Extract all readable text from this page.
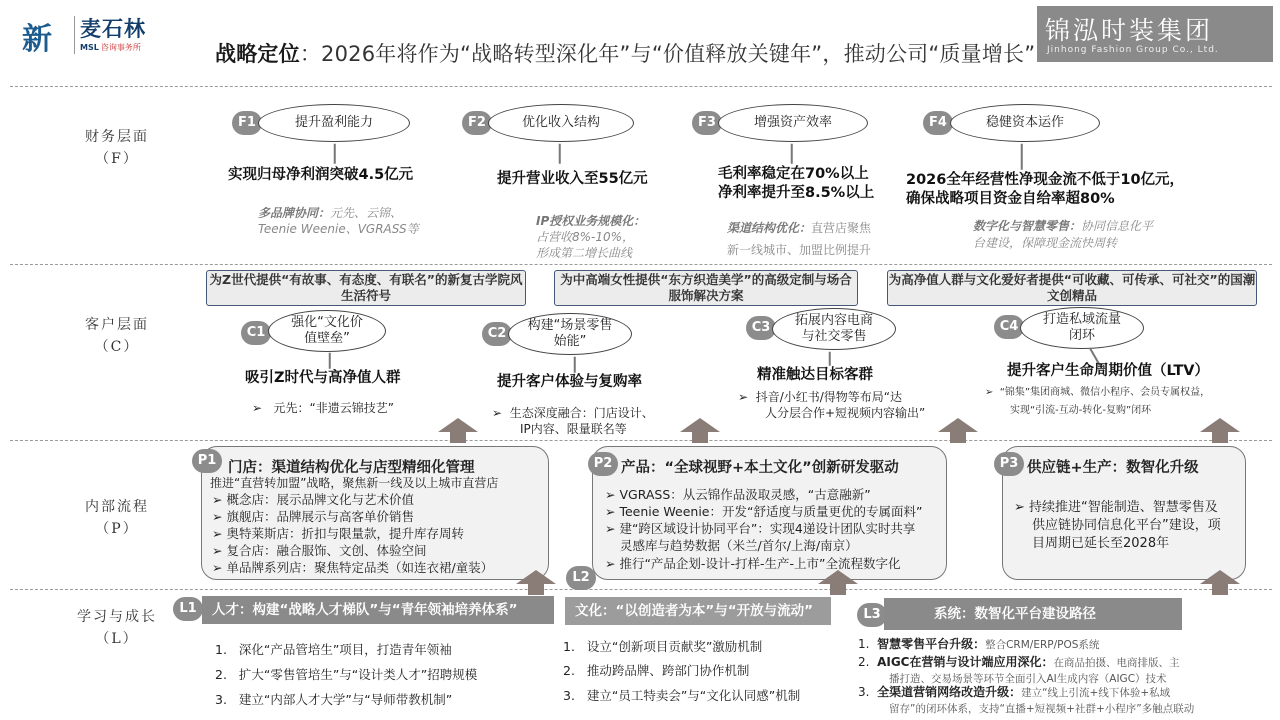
新 麦石林
MSL 咨询事务所	战略定位：2026年将作为“战略转型深化年”与“价值释放关键年”，推动公司“质量增长”
锦泓时装集团
Jinhong Fashion Group Co., Ltd.
财务层面
（F）
客户层面
（C）
内部流程
（P）
学习与成长
（L）
F1	提升盈利能力
实现归母净利润突破4.5亿元
多品牌协同：元先、云锦、
Teenie Weenie、VGRASS等
F2	优化收入结构
提升营业收入至55亿元
IP授权业务规模化：
占营收8%-10%，
形成第二增长曲线
F3	增强资产效率
毛利率稳定在70%以上
净利率提升至8.5%以上
渠道结构优化：直营店聚焦
新一线城市、加盟比例提升
F4	稳健资本运作
2026全年经营性净现金流不低于10亿元，
确保战略项目资金自给率超80%
数字化与智慧零售：协同信息化平
台建设，保障现金流快周转
为Z世代提供“有故事、有态度、有联名”的新复古学院风生活符号
为中高端女性提供“东方织造美学”的高级定制与场合服饰解决方案
为高净值人群与文化爱好者提供“可收藏、可传承、可社交”的国潮文创精品
C1
强化“文化价值壁垒”
吸引Z时代与高净值人群
➢   元先：“非遗云锦技艺”
C2
构建“场景零售始能”
提升客户体验与复购率
➢  生态深度融合：门店设计、
IP内容、限量联名等
C3	拓展内容电商与社交零售
精准触达目标客群
➢  抖音/小红书/得物等布局“达
人分层合作+短视频内容输出”
C4	打造私域流量闭环
提升客户生命周期价值（LTV）
➢  “锦集”集团商城、微信小程序、会员专属权益，
实现“引流-互动-转化-复购”闭环
P1 门店：渠道结构优化与店型精细化管理
推进“直营转加盟”战略，聚焦新一线及以上城市直营店
➢ 概念店：展示品牌文化与艺术价值
➢ 旗舰店：品牌展示与高客单价销售
➢ 奥特莱斯店：折扣与限量款，提升库存周转
➢ 复合店：融合服饰、文创、体验空间
➢ 单品牌系列店：聚焦特定品类（如连衣裙/童装）
P2 产品：“全球视野+本土文化”创新研发驱动
➢ VGRASS：从云锦作品汲取灵感，“古意融新”
➢ Teenie Weenie：开发“舒适度与质量更优的专属面料”
➢ 建“跨区域设计协同平台”：实现4递设计团队实时共享
灵感库与趋势数据（米兰/首尔/上海/南京）
➢ 推行“产品企划-设计-打样-生产-上市”全流程数字化
P3 供应链+生产：数智化升级
➢ 持续推进“智能制造、智慧零售及
供应链协同信息化平台”建设，项
目周期已延长至2028年
L1	人才：构建“战略人才梯队”与“青年领袖培养体系”
1.   深化“产品管培生”项目，打造青年领袖
2.   扩大“零售管培生”与“设计类人才”招聘规模
3.   建立“内部人才大学”与“导师带教机制”
L2
文化：“以创造者为本”与“开放与流动”
1.   设立“创新项目贡献奖”激励机制
2.   推动跨品牌、跨部门协作机制
3.   建立“员工特卖会”与“文化认同感”机制
L3	系统：数智化平台建设路径
1.  智慧零售平台升级：整合CRM/ERP/POS系统
2.  AIGC在营销与设计端应用深化：在商品拍摄、电商排版、主
播打造、交易场景等环节全面引入AI生成内容（AIGC）技术
3.  全渠道营销网络改造升级：建立“线上引流+线下体验+私域
留存”的闭环体系，支持“直播+短视频+社群+小程序”多触点联动
